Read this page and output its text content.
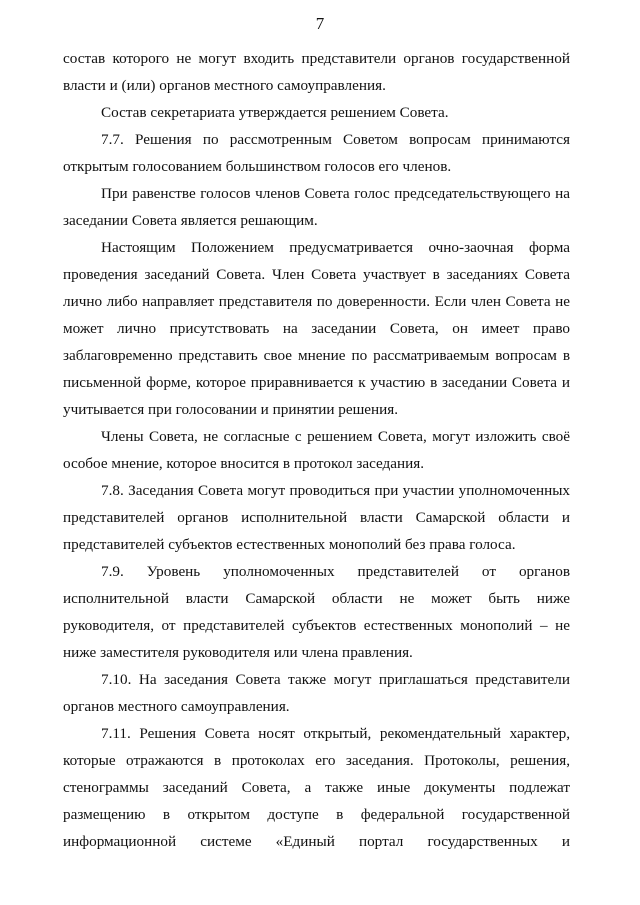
7
состав которого не могут входить представители органов государственной
власти и (или) органов местного самоуправления.
Состав секретариата утверждается решением Совета.
7.7. Решения по рассмотренным Советом вопросам принимаются
открытым голосованием большинством голосов его членов.
При равенстве голосов членов Совета голос председательствующего на
заседании Совета является решающим.
Настоящим Положением предусматривается очно-заочная форма
проведения заседаний Совета. Член Совета участвует в заседаниях Совета
лично либо направляет представителя по доверенности. Если член Совета не
может лично присутствовать на заседании Совета, он имеет право
заблаговременно представить свое мнение по рассматриваемым вопросам в
письменной форме, которое приравнивается к участию в заседании Совета и
учитывается при голосовании и принятии решения.
Члены Совета, не согласные с решением Совета, могут изложить своё
особое мнение, которое вносится в протокол заседания.
7.8. Заседания Совета могут проводиться при участии уполномоченных
представителей органов исполнительной власти Самарской области и
представителей субъектов естественных монополий без права голоса.
7.9. Уровень уполномоченных представителей от органов
исполнительной власти Самарской области не может быть ниже
руководителя, от представителей субъектов естественных монополий – не
ниже заместителя руководителя или члена правления.
7.10. На заседания Совета также могут приглашаться представители
органов местного самоуправления.
7.11. Решения Совета носят открытый, рекомендательный характер,
которые отражаются в протоколах его заседания. Протоколы, решения,
стенограммы заседаний Совета, а также иные документы подлежат
размещению в открытом доступе в федеральной государственной
информационной системе «Единый портал государственных и
